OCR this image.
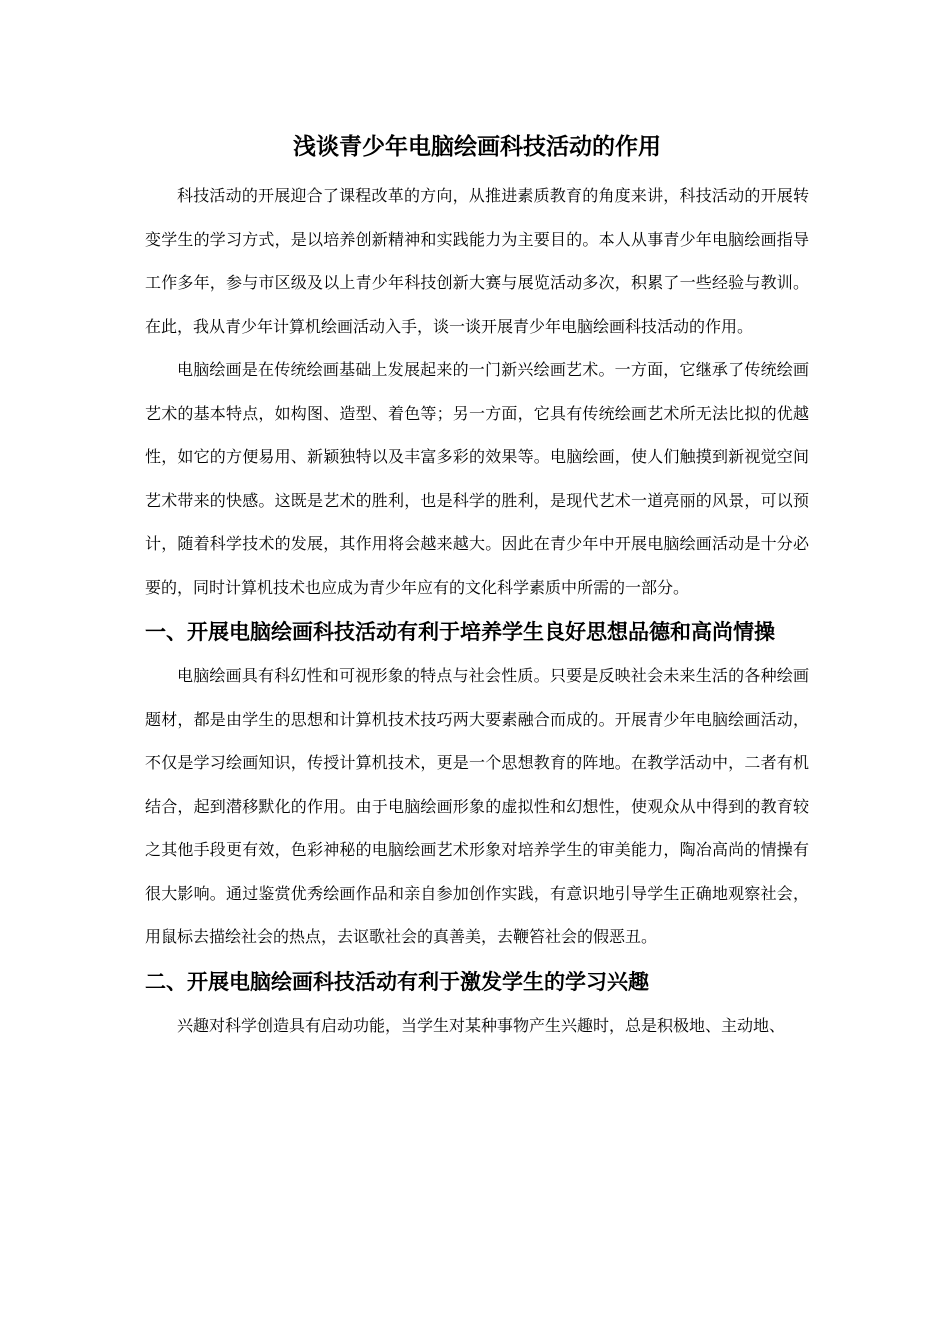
浅谈青少年电脑绘画科技活动的作用

科技活动的开展迎合了课程改革的方向，从推进素质教育的角度来讲，科技活动的开展转变学生的学习方式，是以培养创新精神和实践能力为主要目的。本人从事青少年电脑绘画指导工作多年，参与市区级及以上青少年科技创新大赛与展览活动多次，积累了一些经验与教训。在此，我从青少年计算机绘画活动入手，谈一谈开展青少年电脑绘画科技活动的作用。

电脑绘画是在传统绘画基础上发展起来的一门新兴绘画艺术。一方面，它继承了传统绘画艺术的基本特点，如构图、造型、着色等；另一方面，它具有传统绘画艺术所无法比拟的优越性，如它的方便易用、新颖独特以及丰富多彩的效果等。电脑绘画，使人们触摸到新视觉空间艺术带来的快感。这既是艺术的胜利，也是科学的胜利，是现代艺术一道亮丽的风景，可以预计，随着科学技术的发展，其作用将会越来越大。因此在青少年中开展电脑绘画活动是十分必要的，同时计算机技术也应成为青少年应有的文化科学素质中所需的一部分。

一、开展电脑绘画科技活动有利于培养学生良好思想品德和高尚情操

电脑绘画具有科幻性和可视形象的特点与社会性质。只要是反映社会未来生活的各种绘画题材，都是由学生的思想和计算机技术技巧两大要素融合而成的。开展青少年电脑绘画活动，不仅是学习绘画知识，传授计算机技术，更是一个思想教育的阵地。在教学活动中，二者有机结合，起到潜移默化的作用。由于电脑绘画形象的虚拟性和幻想性，使观众从中得到的教育较之其他手段更有效，色彩神秘的电脑绘画艺术形象对培养学生的审美能力，陶冶高尚的情操有很大影响。通过鉴赏优秀绘画作品和亲自参加创作实践，有意识地引导学生正确地观察社会，用鼠标去描绘社会的热点，去讴歌社会的真善美，去鞭笞社会的假恶丑。

二、开展电脑绘画科技活动有利于激发学生的学习兴趣

兴趣对科学创造具有启动功能，当学生对某种事物产生兴趣时，总是积极地、主动地、
